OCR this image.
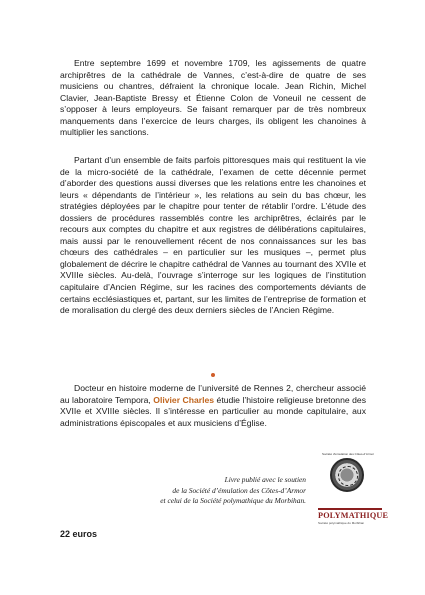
Entre septembre 1699 et novembre 1709, les agissements de quatre archiprêtres de la cathédrale de Vannes, c’est-à-dire de quatre de ses musiciens ou chantres, défraient la chronique locale. Jean Richin, Michel Clavier, Jean-Baptiste Bressy et Étienne Colon de Voneuil ne cessent de s’opposer à leurs employeurs. Se faisant remarquer par de très nombreux manquements dans l’exercice de leurs charges, ils obligent les chanoines à multiplier les sanctions.

Partant d’un ensemble de faits parfois pittoresques mais qui restituent la vie de la micro-société de la cathédrale, l’examen de cette décennie permet d’aborder des questions aussi diverses que les relations entre les chanoines et leurs « dépendants de l’intérieur », les relations au sein du bas chœur, les stratégies déployées par le chapitre pour tenter de rétablir l’ordre. L’étude des dossiers de procédures rassemblés contre les archiprêtres, éclairés par le recours aux comptes du chapitre et aux registres de délibérations capitulaires, mais aussi par le renouvellement récent de nos connaissances sur les bas chœurs des cathédrales – en particulier sur les musiques –, permet plus globalement de décrire le chapitre cathédral de Vannes au tournant des XVIIe et XVIIIe siècles. Au-delà, l’ouvrage s’interroge sur les logiques de l’institution capitulaire d’Ancien Régime, sur les racines des comportements déviants de certains ecclésiastiques et, partant, sur les limites de l’entreprise de formation et de moralisation du clergé des deux derniers siècles de l’Ancien Régime.

Docteur en histoire moderne de l’université de Rennes 2, chercheur associé au laboratoire Tempora, Olivier Charles étudie l’histoire religieuse bretonne des XVIIe et XVIIIe siècles. Il s’intéresse en particulier au monde capitulaire, aux administrations épiscopales et aux musiciens d’Église.

Livre publié avec le soutien
de la Société d’émulation des Côtes-d’Armor
et celui de la Société polymathique du Morbihan.
Société d’émulation des Côtes-d’Armor
POLYMATHIQUE
Société polymathique du Morbihan
22 euros
